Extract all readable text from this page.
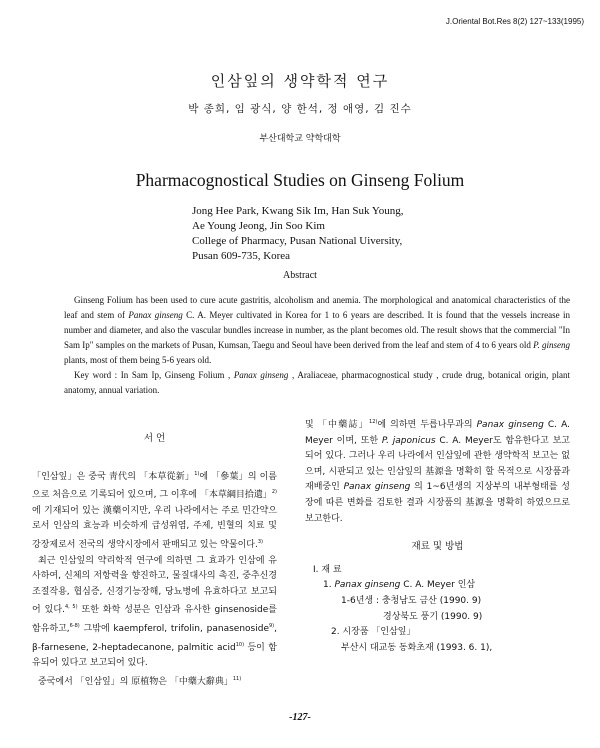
J.Oriental Bot.Res 8(2) 127~133(1995)
인삼잎의 생약학적 연구
박 종희, 임 광식, 양 한석, 정 애영, 김 진수
부산대학교 약학대학
Pharmacognostical Studies on Ginseng Folium
Jong Hee Park, Kwang Sik Im, Han Suk Young,
Ae Young Jeong, Jin Soo Kim
College of Pharmacy, Pusan National Uiversity,
Pusan 609-735, Korea
Abstract

Ginseng Folium has been used to cure acute gastritis, alcoholism and anemia. The morphological and anatomical characteristics of the leaf and stem of Panax ginseng C. A. Meyer cultivated in Korea for 1 to 6 years are described. It is found that the vessels increase in number and diameter, and also the vascular bundles increase in number, as the plant becomes old. The result shows that the commercial "In Sam Ip" samples on the markets of Pusan, Kumsan, Taegu and Seoul have been derived from the leaf and stem of 4 to 6 years old P. ginseng plants, most of them being 5-6 years old.

Key word : In Sam Ip, Ginseng Folium , Panax ginseng , Araliaceae, pharmacognostical study , crude drug, botanical origin, plant anatomy, annual variation.

서 언

「인삼잎」은 중국 靑代의 「本草從新」$^{1)}$에 「參葉」의 이름으로 처음으로 기록되어 있으며, 그 이후에 「本草綱目拾遺」$^{2)}$에 기재되어 있는 漢藥이지만, 우리 나라에서는 주로 민간약으로서 인삼의 효능과 비슷하게 급성위염, 주제, 빈혈의 치료 및 강장제로서 전국의 생약시장에서 판매되고 있는 약물이다.$^{3)}$

최근 인삼잎의 약리학적 연구에 의하면 그 효과가 인삼에 유사하여, 신체의 저항력을 향진하고, 물질대사의 촉진, 중추신경조절작용, 협심증, 신경기능장해, 당뇨병에 유효하다고 보고되어 있다.$^{4, 5)}$ 또한 화학 성분은 인삼과 유사한 ginsenoside를 함유하고,$^{6-8)}$ 그밖에 kaempferol, trifolin, panasenoside$^{9)}$, β-farnesene, 2-heptadecanone, palmitic acid$^{10)}$ 등이 함유되어 있다고 보고되어 있다.

중국에서 「인삼잎」의 原植物은 「中藥大辭典」$^{11)}$

및 「中藥誌」$^{12)}$에 의하면 두릅나무과의 Panax ginseng C. A. Meyer 이며, 또한 P. japonicus C. A. Meyer도 함유한다고 보고되어 있다. 그러나 우리 나라에서 인삼잎에 관한 생약학적 보고는 없으며, 시판되고 있는 인삼잎의 基源을 명확히 할 목적으로 시장품과 재배중인 Panax ginseng 의 1~6년생의 지상부의 내부형태를 성장에 따른 변화를 검토한 결과 시장품의 基源을 명확히 하였으므로 보고한다.

재료 및 방법
Ⅰ. 재 료
1. Panax ginseng C. A. Meyer 인삼
1-6년생 : 충청남도 금산 (1990. 9)
경상북도 풍기 (1990. 9)
2. 시장품 「인삼잎」
부산시 대교동 동화초재 (1993. 6. 1),
-127-
